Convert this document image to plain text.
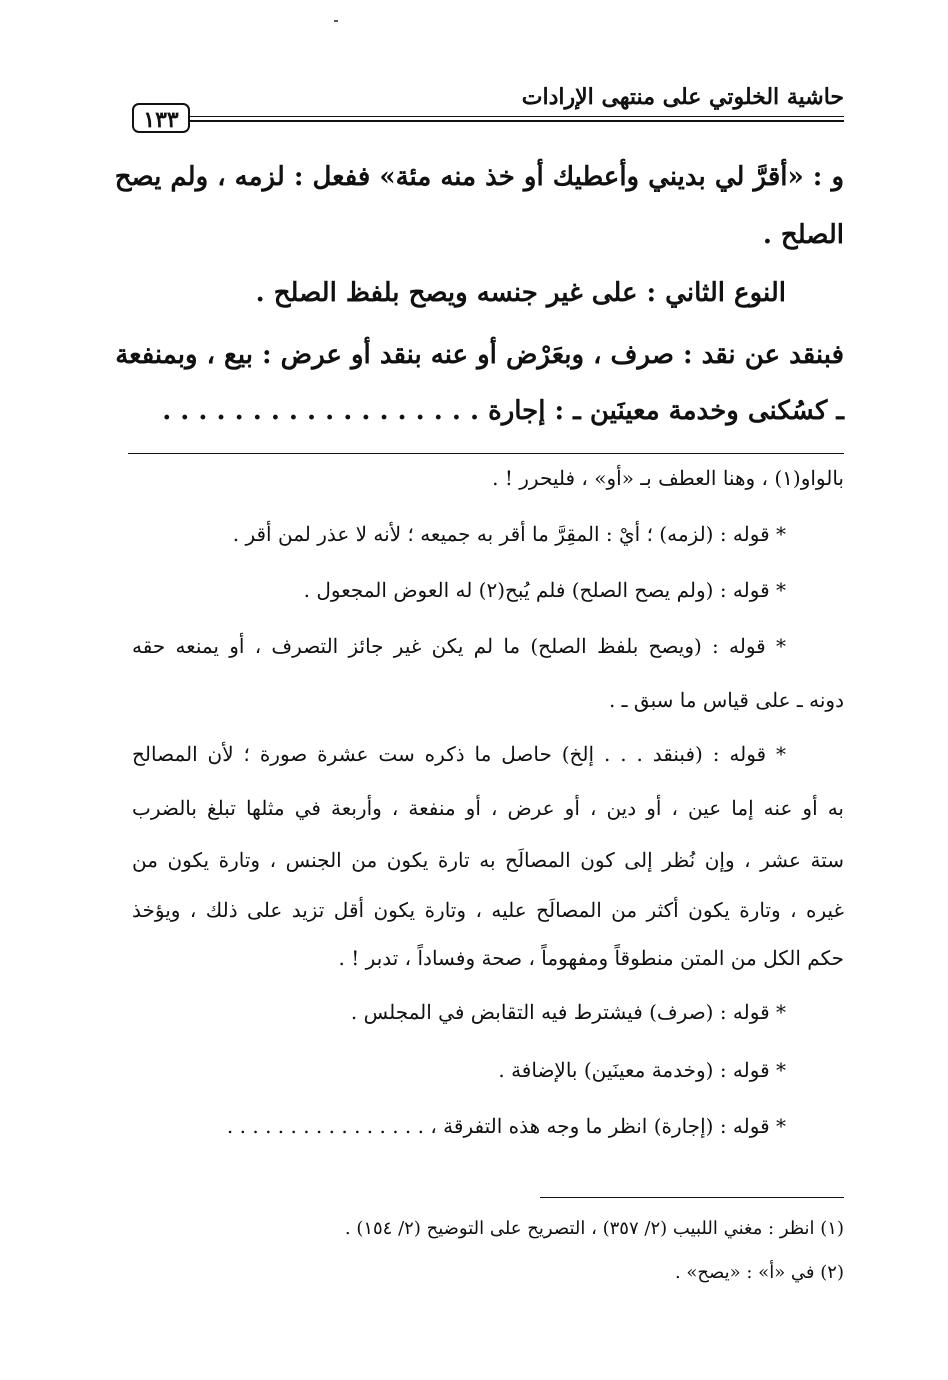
حاشية الخلوتي على منتهى الإرادات
١٣٣
و : «أقرَّ لي بديني وأعطيك أو خذ منه مئة» ففعل : لزمه ، ولم يصح
الصلح .
النوع الثاني : على غير جنسه ويصح بلفظ الصلح .
فبنقد عن نقد : صرف ، وبعَرْض أو عنه بنقد أو عرض : بيع ، وبمنفعة
ـ كسُكنى وخدمة معينَين ـ : إجارة . . . . . . . . . . . . . . . . . .
بالواو(١) ، وهنا العطف بـ «أو» ، فليحرر ! .
* قوله : (لزمه) ؛ أيْ : المقِرَّ ما أقر به جميعه ؛ لأنه لا عذر لمن أقر .
* قوله : (ولم يصح الصلح) فلم يُبح(٢) له العوض المجعول .
* قوله : (ويصح بلفظ الصلح) ما لم يكن غير جائز التصرف ، أو يمنعه حقه
دونه ـ على قياس ما سبق ـ .
* قوله : (فبنقد . . . إلخ) حاصل ما ذكره ست عشرة صورة ؛ لأن المصالح
به أو عنه إما عين ، أو دين ، أو عرض ، أو منفعة ، وأربعة في مثلها تبلغ بالضرب
ستة عشر ، وإن نُظر إلى كون المصالَح به تارة يكون من الجنس ، وتارة يكون من
غيره ، وتارة يكون أكثر من المصالَح عليه ، وتارة يكون أقل تزيد على ذلك ، ويؤخذ
حكم الكل من المتن منطوقاً ومفهوماً ، صحة وفساداً ، تدبر ! .
* قوله : (صرف) فيشترط فيه التقابض في المجلس .
* قوله : (وخدمة معينَين) بالإضافة .
* قوله : (إجارة) انظر ما وجه هذه التفرقة ، . . . . . . . . . . . . . . . .
(١) انظر : مغني اللبيب (٢/ ٣٥٧) ، التصريح على التوضيح (٢/ ١٥٤) .
(٢) في «أ» : «يصح» .
